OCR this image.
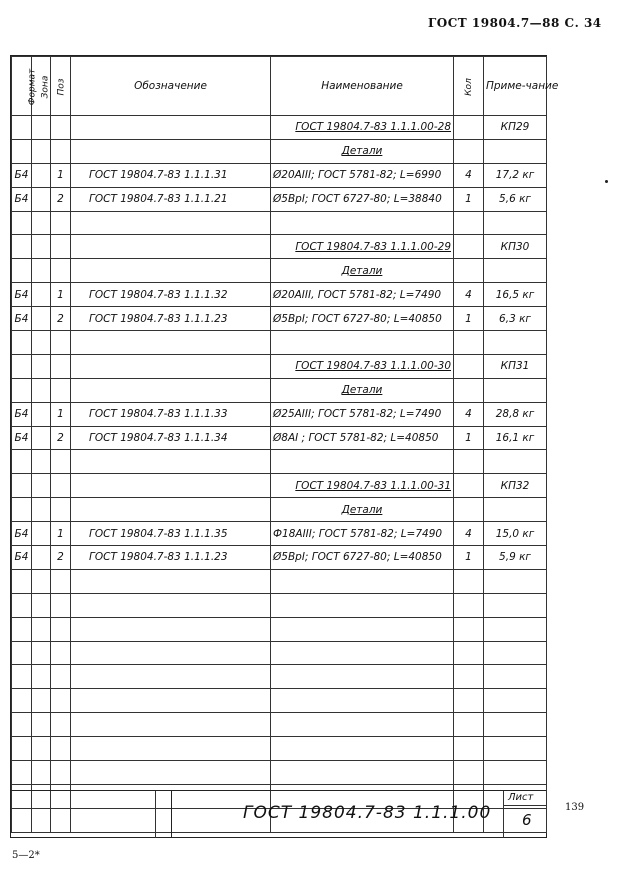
ГОСТ 19804.7—88 С. 34
Формат	Зона	Поз	Обозначение	Наименование	Кол	Приме-чание
				ГОСТ 19804.7-83 1.1.1.00-28		КП29
				Детали		
Б4		1	ГОСТ 19804.7-83 1.1.1.31	Ø20АIII; ГОСТ 5781-82; L=6990	4	17,2 кг
Б4		2	ГОСТ 19804.7-83 1.1.1.21	Ø5ВрI; ГОСТ 6727-80; L=38840	1	5,6 кг

				ГОСТ 19804.7-83 1.1.1.00-29		КП30
				Детали		
Б4		1	ГОСТ 19804.7-83 1.1.1.32	Ø20АIII, ГОСТ 5781-82; L=7490	4	16,5 кг
Б4		2	ГОСТ 19804.7-83 1.1.1.23	Ø5ВрI; ГОСТ 6727-80; L=40850	1	6,3 кг

				ГОСТ 19804.7-83 1.1.1.00-30		КП31
				Детали		
Б4		1	ГОСТ 19804.7-83 1.1.1.33	Ø25АIII; ГОСТ 5781-82; L=7490	4	28,8 кг
Б4		2	ГОСТ 19804.7-83 1.1.1.34	Ø8АI ; ГОСТ 5781-82; L=40850	1	16,1 кг

				ГОСТ 19804.7-83 1.1.1.00-31		КП32
				Детали		
Б4		1	ГОСТ 19804.7-83 1.1.1.35	Ф18АIII; ГОСТ 5781-82; L=7490	4	15,0 кг
Б4		2	ГОСТ 19804.7-83 1.1.1.23	Ø5ВрI; ГОСТ 6727-80; L=40850	1	5,9 кг

ГОСТ 19804.7-83 1.1.1.00
Лист
6
139
5—2*
